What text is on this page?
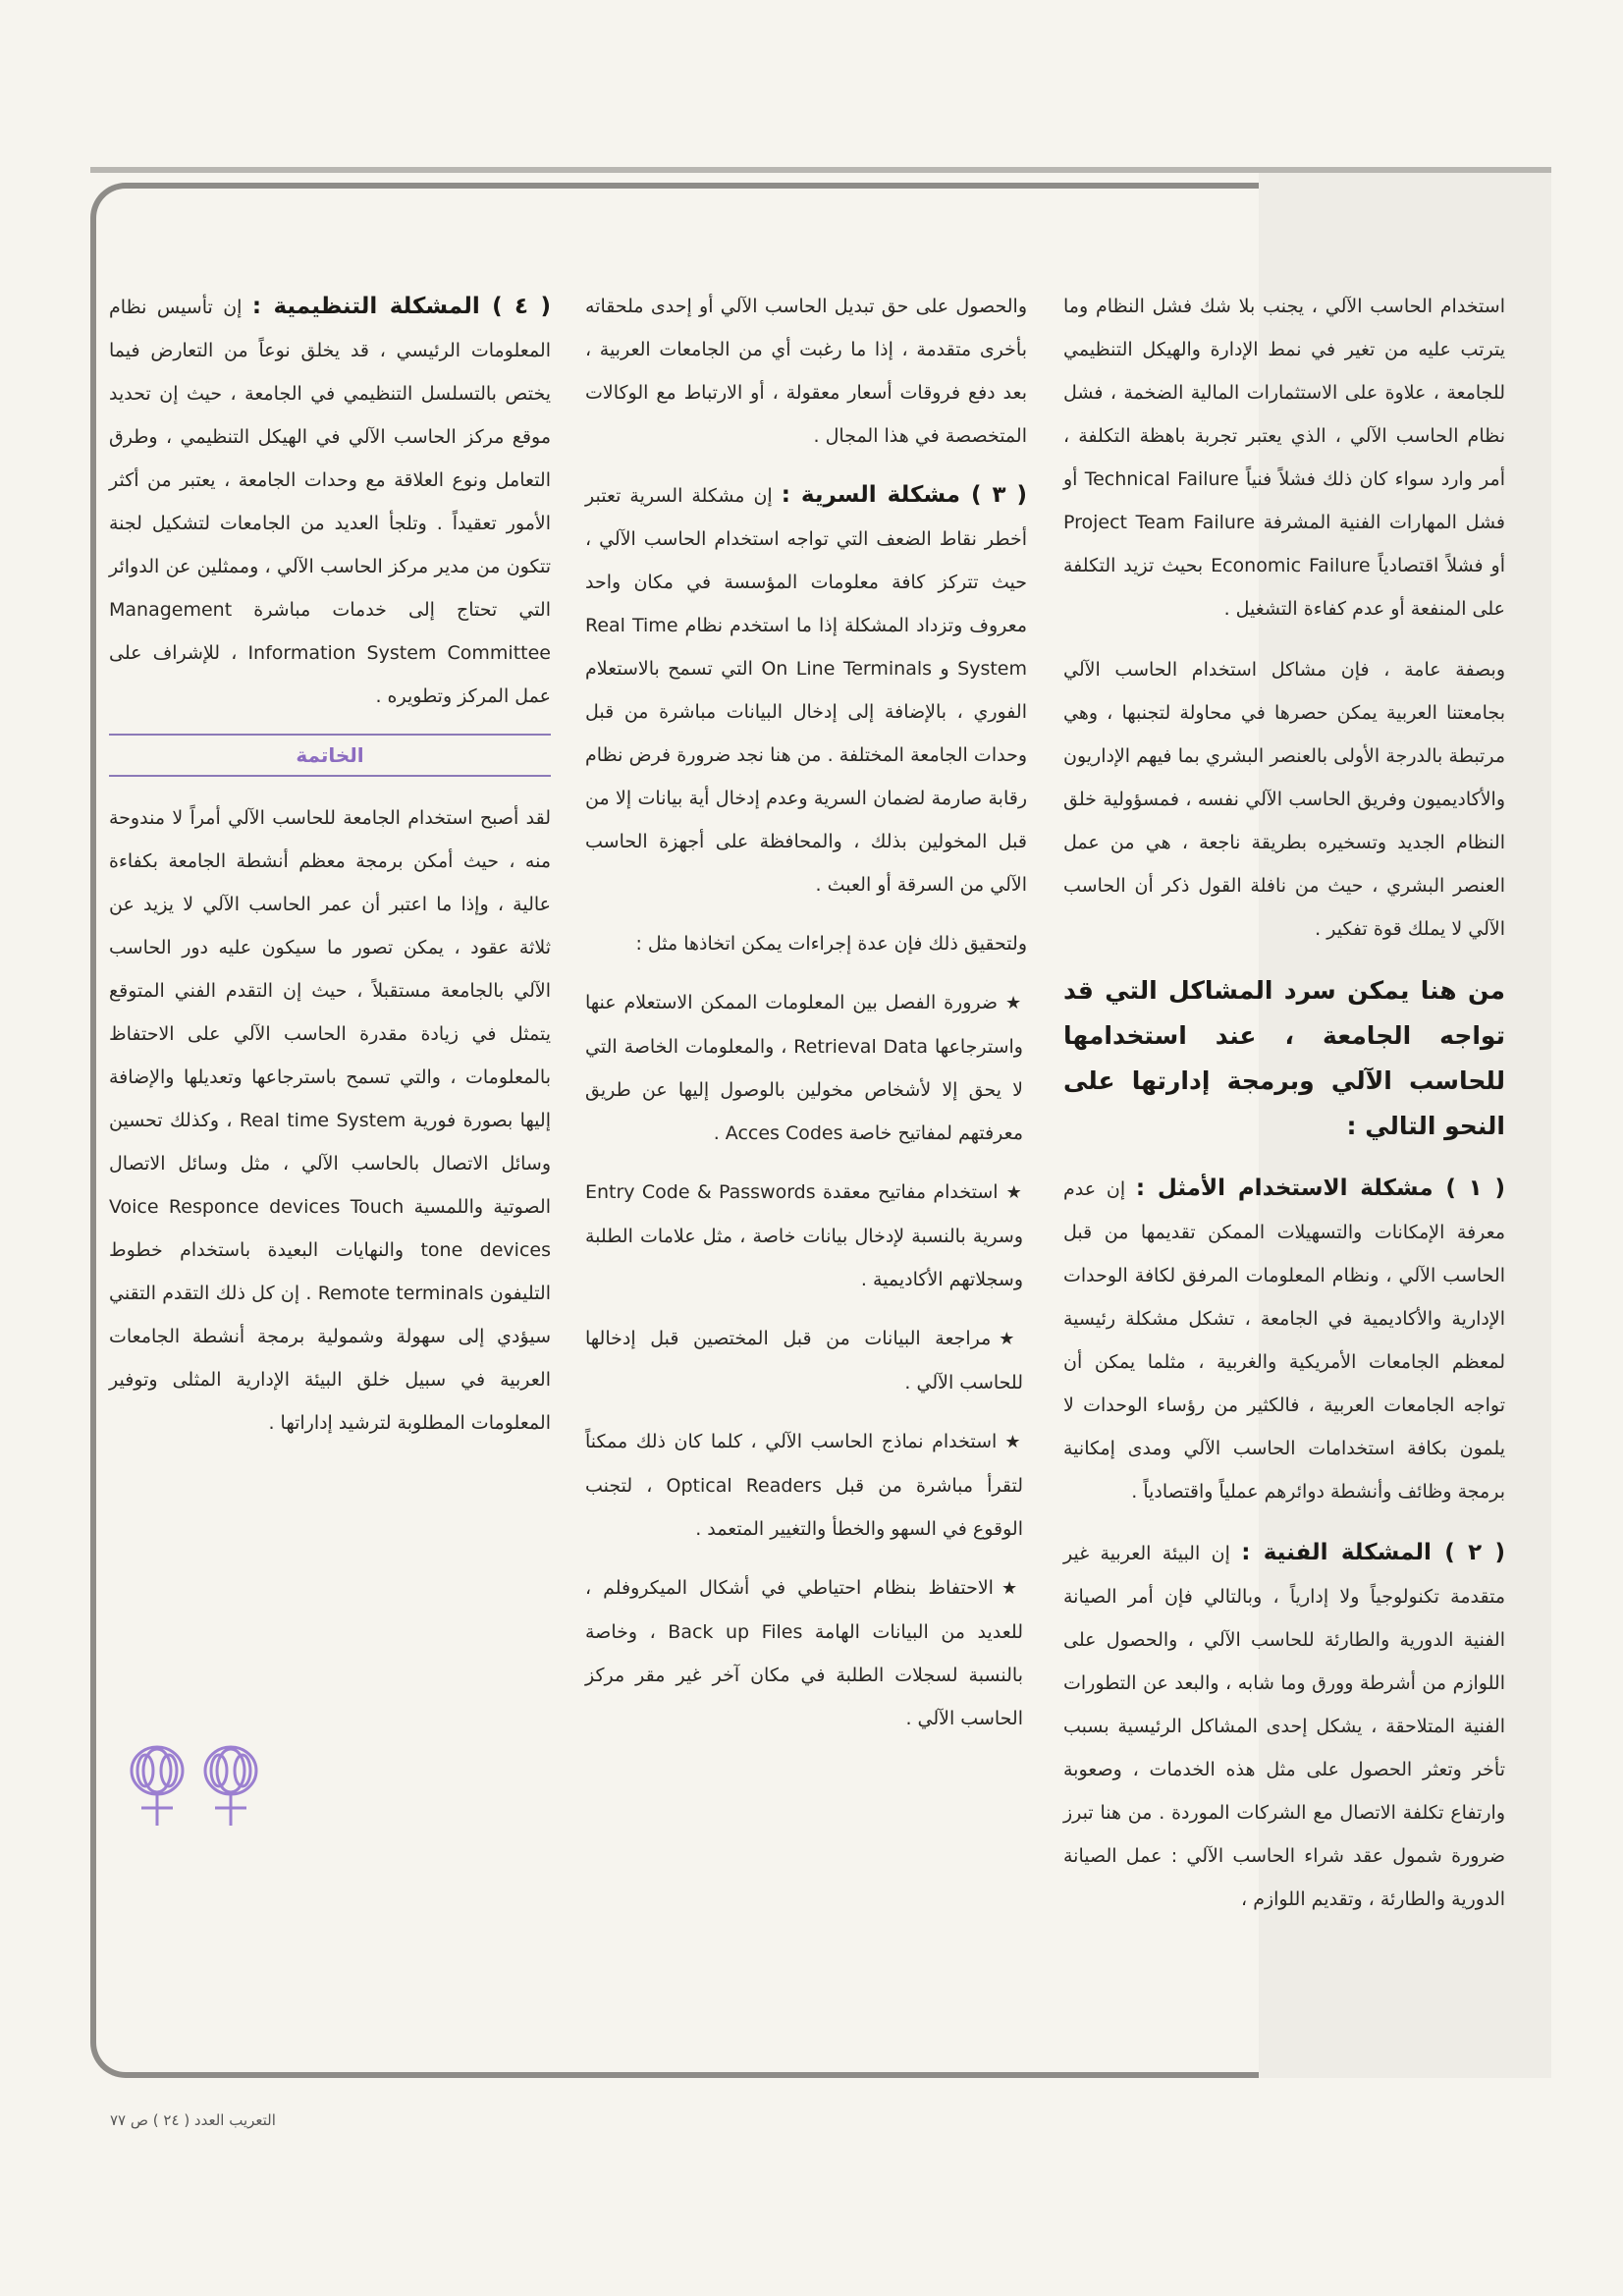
استخدام الحاسب الآلي ، يجنب بلا شك فشل النظام وما يترتب عليه من تغير في نمط الإدارة والهيكل التنظيمي للجامعة ، علاوة على الاستثمارات المالية الضخمة ، فشل نظام الحاسب الآلي ، الذي يعتبر تجربة باهظة التكلفة ، أمر وارد سواء كان ذلك فشلاً فنياً Technical Failure أو فشل المهارات الفنية المشرفة Project Team Failure أو فشلاً اقتصادياً Economic Failure بحيث تزيد التكلفة على المنفعة أو عدم كفاءة التشغيل .

وبصفة عامة ، فإن مشاكل استخدام الحاسب الآلي بجامعتنا العربية يمكن حصرها في محاولة لتجنبها ، وهي مرتبطة بالدرجة الأولى بالعنصر البشري بما فيهم الإداريون والأكاديميون وفريق الحاسب الآلي نفسه ، فمسؤولية خلق النظام الجديد وتسخيره بطريقة ناجعة ، هي من عمل العنصر البشري ، حيث من نافلة القول ذكر أن الحاسب الآلي لا يملك قوة تفكير .

من هنا يمكن سرد المشاكل التي قد تواجه الجامعة ، عند استخدامها للحاسب الآلي وبرمجة إدارتها على النحو التالي :

( ١ ) مشكلة الاستخدام الأمثل : إن عدم معرفة الإمكانات والتسهيلات الممكن تقديمها من قبل الحاسب الآلي ، ونظام المعلومات المرفق لكافة الوحدات الإدارية والأكاديمية في الجامعة ، تشكل مشكلة رئيسية لمعظم الجامعات الأمريكية والغربية ، مثلما يمكن أن تواجه الجامعات العربية ، فالكثير من رؤساء الوحدات لا يلمون بكافة استخدامات الحاسب الآلي ومدى إمكانية برمجة وظائف وأنشطة دوائرهم عملياً واقتصادياً .

( ٢ ) المشكلة الفنية : إن البيئة العربية غير متقدمة تكنولوجياً ولا إدارياً ، وبالتالي فإن أمر الصيانة الفنية الدورية والطارئة للحاسب الآلي ، والحصول على اللوازم من أشرطة وورق وما شابه ، والبعد عن التطورات الفنية المتلاحقة ، يشكل إحدى المشاكل الرئيسية بسبب تأخر وتعثر الحصول على مثل هذه الخدمات ، وصعوبة وارتفاع تكلفة الاتصال مع الشركات الموردة . من هنا تبرز ضرورة شمول عقد شراء الحاسب الآلي : عمل الصيانة الدورية والطارئة ، وتقديم اللوازم ،

والحصول على حق تبديل الحاسب الآلي أو إحدى ملحقاته بأخرى متقدمة ، إذا ما رغبت أي من الجامعات العربية ، بعد دفع فروقات أسعار معقولة ، أو الارتباط مع الوكالات المتخصصة في هذا المجال .

( ٣ ) مشكلة السرية : إن مشكلة السرية تعتبر أخطر نقاط الضعف التي تواجه استخدام الحاسب الآلي ، حيث تتركز كافة معلومات المؤسسة في مكان واحد معروف وتزداد المشكلة إذا ما استخدم نظام Real Time System و On Line Terminals التي تسمح بالاستعلام الفوري ، بالإضافة إلى إدخال البيانات مباشرة من قبل وحدات الجامعة المختلفة . من هنا نجد ضرورة فرض نظام رقابة صارمة لضمان السرية وعدم إدخال أية بيانات إلا من قبل المخولين بذلك ، والمحافظة على أجهزة الحاسب الآلي من السرقة أو العبث .

ولتحقيق ذلك فإن عدة إجراءات يمكن اتخاذها مثل :

★ضرورة الفصل بين المعلومات الممكن الاستعلام عنها واسترجاعها Retrieval Data ، والمعلومات الخاصة التي لا يحق إلا لأشخاص مخولين بالوصول إليها عن طريق معرفتهم لمفاتيح خاصة Acces Codes .

★استخدام مفاتيح معقدة Entry Code & Passwords وسرية بالنسبة لإدخال بيانات خاصة ، مثل علامات الطلبة وسجلاتهم الأكاديمية .

★مراجعة البيانات من قبل المختصين قبل إدخالها للحاسب الآلي .

★استخدام نماذج الحاسب الآلي ، كلما كان ذلك ممكناً لتقرأ مباشرة من قبل Optical Readers ، لتجنب الوقوع في السهو والخطأ والتغيير المتعمد .

★الاحتفاظ بنظام احتياطي في أشكال الميكروفلم ، للعديد من البيانات الهامة Back up Files ، وخاصة بالنسبة لسجلات الطلبة في مكان آخر غير مقر مركز الحاسب الآلي .

( ٤ ) المشكلة التنظيمية : إن تأسيس نظام المعلومات الرئيسي ، قد يخلق نوعاً من التعارض فيما يختص بالتسلسل التنظيمي في الجامعة ، حيث إن تحديد موقع مركز الحاسب الآلي في الهيكل التنظيمي ، وطرق التعامل ونوع العلاقة مع وحدات الجامعة ، يعتبر من أكثر الأمور تعقيداً . وتلجأ العديد من الجامعات لتشكيل لجنة تتكون من مدير مركز الحاسب الآلي ، وممثلين عن الدوائر التي تحتاج إلى خدمات مباشرة Management Information System Committee ، للإشراف على عمل المركز وتطويره .

الخاتمة

لقد أصبح استخدام الجامعة للحاسب الآلي أمراً لا مندوحة منه ، حيث أمكن برمجة معظم أنشطة الجامعة بكفاءة عالية ، وإذا ما اعتبر أن عمر الحاسب الآلي لا يزيد عن ثلاثة عقود ، يمكن تصور ما سيكون عليه دور الحاسب الآلي بالجامعة مستقبلاً ، حيث إن التقدم الفني المتوقع يتمثل في زيادة مقدرة الحاسب الآلي على الاحتفاظ بالمعلومات ، والتي تسمح باسترجاعها وتعديلها والإضافة إليها بصورة فورية Real time System ، وكذلك تحسين وسائل الاتصال بالحاسب الآلي ، مثل وسائل الاتصال الصوتية واللمسية Voice Responce devices Touch tone devices والنهايات البعيدة باستخدام خطوط التليفون Remote terminals . إن كل ذلك التقدم التقني سيؤدي إلى سهولة وشمولية برمجة أنشطة الجامعات العربية في سبيل خلق البيئة الإدارية المثلى وتوفير المعلومات المطلوبة لترشيد إداراتها .

التعريب العدد ( ٢٤ ) ص ٧٧
